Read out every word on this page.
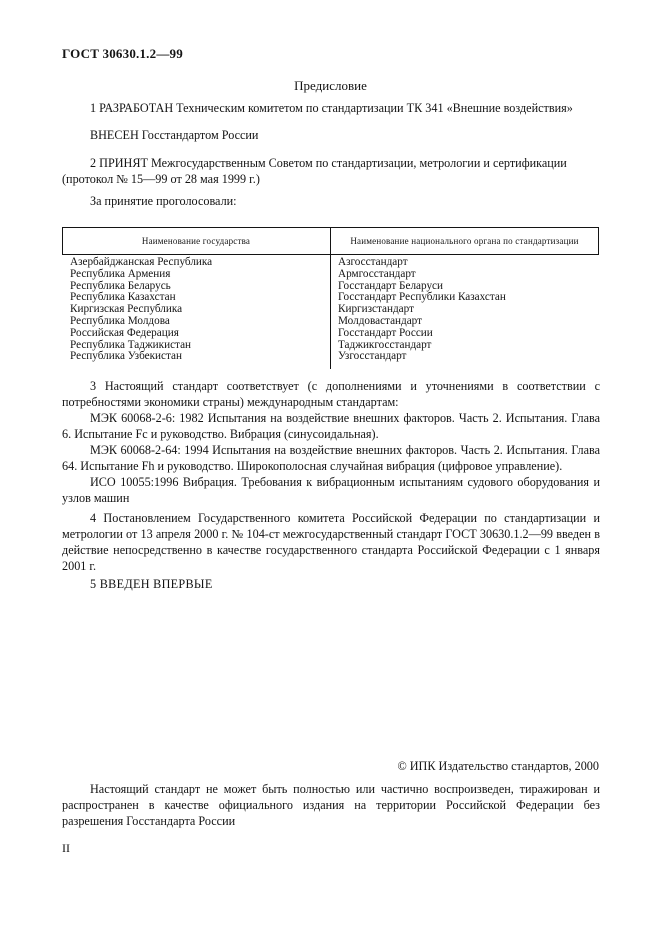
ГОСТ 30630.1.2—99
Предисловие
1 РАЗРАБОТАН Техническим комитетом по стандартизации ТК 341 «Внешние воздействия»
ВНЕСЕН Госстандартом России
2 ПРИНЯТ Межгосударственным Советом по стандартизации, метрологии и сертификации
(протокол № 15—99 от 28 мая 1999 г.)
За принятие проголосовали:
Наименование государства	Наименование национального органа по стандартизации
Азербайджанская Республика	Азгосстандарт
Республика Армения	Армгосстандарт
Республика Беларусь	Госстандарт Беларуси
Республика Казахстан	Госстандарт Республики Казахстан
Киргизская Республика	Киргизстандарт
Республика Молдова	Молдовастандарт
Российская Федерация	Госстандарт России
Республика Таджикистан	Таджикгосстандарт
Республика Узбекистан	Узгосстандарт
3 Настоящий стандарт соответствует (с дополнениями и уточнениями в соответствии с потребностями экономики страны) международным стандартам:
МЭК 60068-2-6: 1982 Испытания на воздействие внешних факторов. Часть 2. Испытания. Глава 6. Испытание Fc и руководство. Вибрация (синусоидальная).
МЭК 60068-2-64: 1994 Испытания на воздействие внешних факторов. Часть 2. Испытания. Глава 64. Испытание Fh и руководство. Широкополосная случайная вибрация (цифровое управление).
ИСО 10055:1996 Вибрация. Требования к вибрационным испытаниям судового оборудования и узлов машин
4 Постановлением Государственного комитета Российской Федерации по стандартизации и метрологии от 13 апреля 2000 г. № 104-ст межгосударственный стандарт ГОСТ 30630.1.2—99 введен в действие непосредственно в качестве государственного стандарта Российской Федерации с 1 января 2001 г.
5 ВВЕДЕН ВПЕРВЫЕ
© ИПК Издательство стандартов, 2000
Настоящий стандарт не может быть полностью или частично воспроизведен, тиражирован и распространен в качестве официального издания на территории Российской Федерации без разрешения Госстандарта России
II
